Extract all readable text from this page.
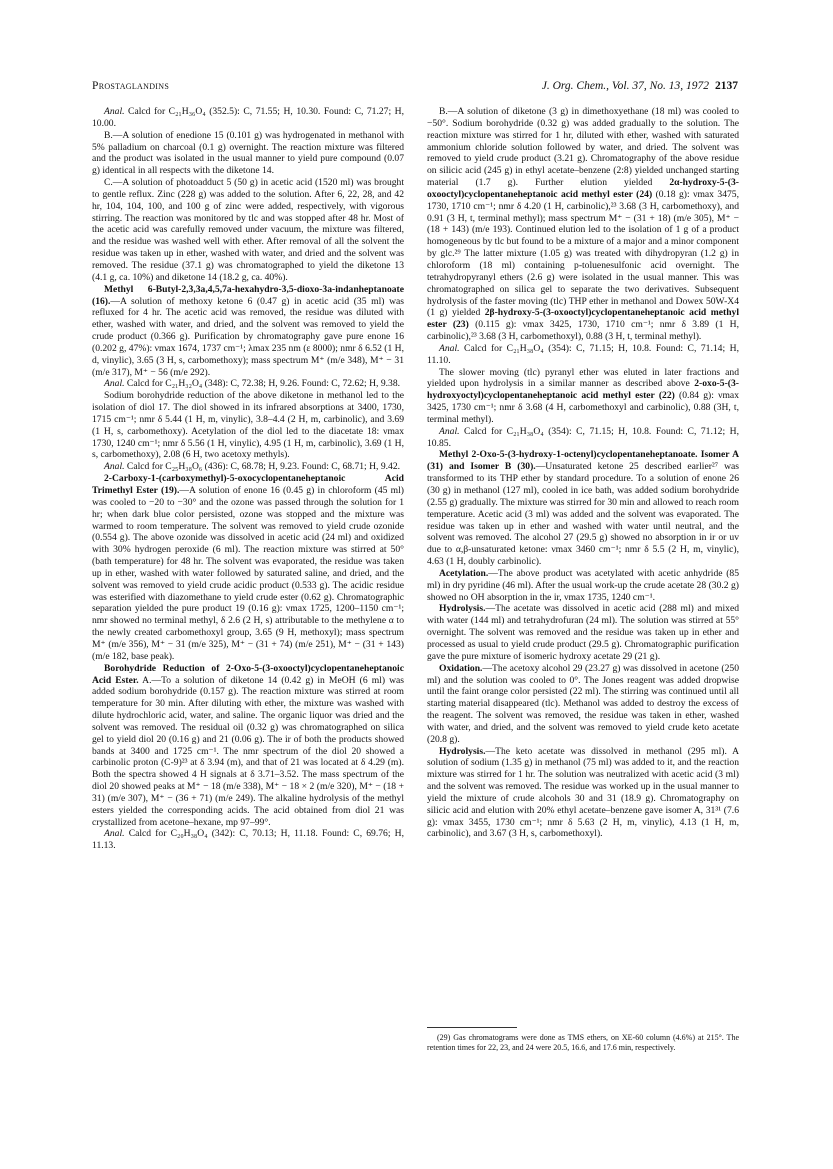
Prostaglandins	J. Org. Chem., Vol. 37, No. 13, 1972 2137

Anal. Calcd for C₂₁H₃₆O₄ (352.5): C, 71.55; H, 10.30. Found: C, 71.27; H, 10.00.

B.—A solution of enedione 15 (0.101 g) was hydrogenated in methanol with 5% palladium on charcoal (0.1 g) overnight. The reaction mixture was filtered and the product was isolated in the usual manner to yield pure compound (0.07 g) identical in all respects with the diketone 14.

C.—A solution of photoadduct 5 (50 g) in acetic acid (1520 ml) was brought to gentle reflux. Zinc (228 g) was added to the solution. After 6, 22, 28, and 42 hr, 104, 104, 100, and 100 g of zinc were added, respectively, with vigorous stirring. The reaction was monitored by tlc and was stopped after 48 hr. Most of the acetic acid was carefully removed under vacuum, the mixture was filtered, and the residue was washed well with ether. After removal of all the solvent the residue was taken up in ether, washed with water, and dried and the solvent was removed. The residue (37.1 g) was chromatographed to yield the diketone 13 (4.1 g, ca. 10%) and diketone 14 (18.2 g, ca. 40%).

Methyl 6-Butyl-2,3,3a,4,5,7a-hexahydro-3,5-dioxo-3a-indanheptanoate (16).—A solution of methoxy ketone 6 (0.47 g) in acetic acid (35 ml) was refluxed for 4 hr. The acetic acid was removed, the residue was diluted with ether, washed with water, and dried, and the solvent was removed to yield the crude product (0.366 g). Purification by chromatography gave pure enone 16 (0.202 g, 47%): νmax 1674, 1737 cm⁻¹; λmax 235 nm (ε 8000); nmr δ 6.52 (1 H, d, vinylic), 3.65 (3 H, s, carbomethoxy); mass spectrum M⁺ (m/e 348), M⁺ − 31 (m/e 317), M⁺ − 56 (m/e 292).

Anal. Calcd for C₂₁H₃₂O₄ (348): C, 72.38; H, 9.26. Found: C, 72.62; H, 9.38.

Sodium borohydride reduction of the above diketone in methanol led to the isolation of diol 17. The diol showed in its infrared absorptions at 3400, 1730, 1715 cm⁻¹; nmr δ 5.44 (1 H, m, vinylic), 3.8–4.4 (2 H, m, carbinolic), and 3.69 (1 H, s, carbomethoxy). Acetylation of the diol led to the diacetate 18: νmax 1730, 1240 cm⁻¹; nmr δ 5.56 (1 H, vinylic), 4.95 (1 H, m, carbinolic), 3.69 (1 H, s, carbomethoxy), 2.08 (6 H, two acetoxy methyls).

Anal. Calcd for C₂₅H₃₈O₆ (436): C, 68.78; H, 9.23. Found: C, 68.71; H, 9.42.

2-Carboxy-1-(carboxymethyl)-5-oxocyclopentaneheptanoic Acid Trimethyl Ester (19).—A solution of enone 16 (0.45 g) in chloroform (45 ml) was cooled to −20 to −30° and the ozone was passed through the solution for 1 hr; when dark blue color persisted, ozone was stopped and the mixture was warmed to room temperature. The solvent was removed to yield crude ozonide (0.554 g). The above ozonide was dissolved in acetic acid (24 ml) and oxidized with 30% hydrogen peroxide (6 ml). The reaction mixture was stirred at 50° (bath temperature) for 48 hr. The solvent was evaporated, the residue was taken up in ether, washed with water followed by saturated saline, and dried, and the solvent was removed to yield crude acidic product (0.533 g). The acidic residue was esterified with diazomethane to yield crude ester (0.62 g). Chromatographic separation yielded the pure product 19 (0.16 g): νmax 1725, 1200–1150 cm⁻¹; nmr showed no terminal methyl, δ 2.6 (2 H, s) attributable to the methylene α to the newly created carbomethoxyl group, 3.65 (9 H, methoxyl); mass spectrum M⁺ (m/e 356), M⁺ − 31 (m/e 325), M⁺ − (31 + 74) (m/e 251), M⁺ − (31 + 143) (m/e 182, base peak).

Borohydride Reduction of 2-Oxo-5-(3-oxooctyl)cyclopentaneheptanoic Acid Ester. A.—To a solution of diketone 14 (0.42 g) in MeOH (6 ml) was added sodium borohydride (0.157 g). The reaction mixture was stirred at room temperature for 30 min. After diluting with ether, the mixture was washed with dilute hydrochloric acid, water, and saline. The organic liquor was dried and the solvent was removed. The residual oil (0.32 g) was chromatographed on silica gel to yield diol 20 (0.16 g) and 21 (0.06 g). The ir of both the products showed bands at 3400 and 1725 cm⁻¹. The nmr spectrum of the diol 20 showed a carbinolic proton (C-9)²³ at δ 3.94 (m), and that of 21 was located at δ 4.29 (m). Both the spectra showed 4 H signals at δ 3.71–3.52. The mass spectrum of the diol 20 showed peaks at M⁺ − 18 (m/e 338), M⁺ − 18 × 2 (m/e 320), M⁺ − (18 + 31) (m/e 307), M⁺ − (36 + 71) (m/e 249). The alkaline hydrolysis of the methyl esters yielded the corresponding acids. The acid obtained from diol 21 was crystallized from acetone–hexane, mp 97–99°.

Anal. Calcd for C₂₀H₃₈O₄ (342): C, 70.13; H, 11.18. Found: C, 69.76; H, 11.13.

B.—A solution of diketone (3 g) in dimethoxyethane (18 ml) was cooled to −50°. Sodium borohydride (0.32 g) was added gradually to the solution. The reaction mixture was stirred for 1 hr, diluted with ether, washed with saturated ammonium chloride solution followed by water, and dried. The solvent was removed to yield crude product (3.21 g). Chromatography of the above residue on silicic acid (245 g) in ethyl acetate–benzene (2:8) yielded unchanged starting material (1.7 g). Further elution yielded 2α-hydroxy-5-(3-oxooctyl)cyclopentaneheptanoic acid methyl ester (24) (0.18 g): νmax 3475, 1730, 1710 cm⁻¹; nmr δ 4.20 (1 H, carbinolic),²³ 3.68 (3 H, carbomethoxy), and 0.91 (3 H, t, terminal methyl); mass spectrum M⁺ − (31 + 18) (m/e 305), M⁺ − (18 + 143) (m/e 193). Continued elution led to the isolation of 1 g of a product homogeneous by tlc but found to be a mixture of a major and a minor component by glc.²⁹ The latter mixture (1.05 g) was treated with dihydropyran (1.2 g) in chloroform (18 ml) containing p-toluenesulfonic acid overnight. The tetrahydropyranyl ethers (2.6 g) were isolated in the usual manner. This was chromatographed on silica gel to separate the two derivatives. Subsequent hydrolysis of the faster moving (tlc) THP ether in methanol and Dowex 50W-X4 (1 g) yielded 2β-hydroxy-5-(3-oxooctyl)cyclopentaneheptanoic acid methyl ester (23) (0.115 g): νmax 3425, 1730, 1710 cm⁻¹; nmr δ 3.89 (1 H, carbinolic),²³ 3.68 (3 H, carbomethoxyl), 0.88 (3 H, t, terminal methyl).

Anal. Calcd for C₂₁H₃₈O₄ (354): C, 71.15; H, 10.8. Found: C, 71.14; H, 11.10.

The slower moving (tlc) pyranyl ether was eluted in later fractions and yielded upon hydrolysis in a similar manner as described above 2-oxo-5-(3-hydroxyoctyl)cyclopentaneheptanoic acid methyl ester (22) (0.84 g): νmax 3425, 1730 cm⁻¹; nmr δ 3.68 (4 H, carbomethoxyl and carbinolic), 0.88 (3H, t, terminal methyl).

Anal. Calcd for C₂₁H₃₈O₄ (354): C, 71.15; H, 10.8. Found: C, 71.12; H, 10.85.

Methyl 2-Oxo-5-(3-hydroxy-1-octenyl)cyclopentaneheptanoate. Isomer A (31) and Isomer B (30).—Unsaturated ketone 25 described earlier²⁷ was transformed to its THP ether by standard procedure. To a solution of enone 26 (30 g) in methanol (127 ml), cooled in ice bath, was added sodium borohydride (2.55 g) gradually. The mixture was stirred for 30 min and allowed to reach room temperature. Acetic acid (3 ml) was added and the solvent was evaporated. The residue was taken up in ether and washed with water until neutral, and the solvent was removed. The alcohol 27 (29.5 g) showed no absorption in ir or uv due to α,β-unsaturated ketone: νmax 3460 cm⁻¹; nmr δ 5.5 (2 H, m, vinylic), 4.63 (1 H, doubly carbinolic).

Acetylation.—The above product was acetylated with acetic anhydride (85 ml) in dry pyridine (46 ml). After the usual work-up the crude acetate 28 (30.2 g) showed no OH absorption in the ir, νmax 1735, 1240 cm⁻¹.

Hydrolysis.—The acetate was dissolved in acetic acid (288 ml) and mixed with water (144 ml) and tetrahydrofuran (24 ml). The solution was stirred at 55° overnight. The solvent was removed and the residue was taken up in ether and processed as usual to yield crude product (29.5 g). Chromatographic purification gave the pure mixture of isomeric hydroxy acetate 29 (21 g).

Oxidation.—The acetoxy alcohol 29 (23.27 g) was dissolved in acetone (250 ml) and the solution was cooled to 0°. The Jones reagent was added dropwise until the faint orange color persisted (22 ml). The stirring was continued until all starting material disappeared (tlc). Methanol was added to destroy the excess of the reagent. The solvent was removed, the residue was taken in ether, washed with water, and dried, and the solvent was removed to yield crude keto acetate (20.8 g).

Hydrolysis.—The keto acetate was dissolved in methanol (295 ml). A solution of sodium (1.35 g) in methanol (75 ml) was added to it, and the reaction mixture was stirred for 1 hr. The solution was neutralized with acetic acid (3 ml) and the solvent was removed. The residue was worked up in the usual manner to yield the mixture of crude alcohols 30 and 31 (18.9 g). Chromatography on silicic acid and elution with 20% ethyl acetate–benzene gave isomer A, 31³¹ (7.6 g): νmax 3455, 1730 cm⁻¹; nmr δ 5.63 (2 H, m, vinylic), 4.13 (1 H, m, carbinolic), and 3.67 (3 H, s, carbomethoxyl).

(29) Gas chromatograms were done as TMS ethers, on XE-60 column (4.6%) at 215°. The retention times for 22, 23, and 24 were 20.5, 16.6, and 17.6 min, respectively.
